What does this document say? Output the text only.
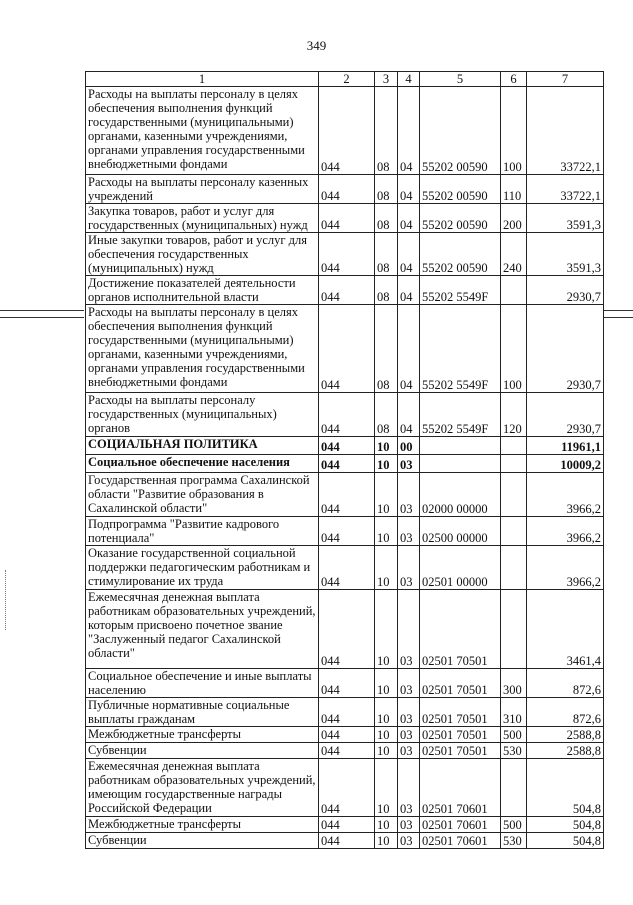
349
1	2	3	4	5	6	7
Расходы на выплаты персоналу в целях обеспечения выполнения функций государственными (муниципальными) органами, казенными учреждениями, органами управления государственными внебюджетными фондами	044	08	04	55202 00590	100	33722,1
Расходы на выплаты персоналу казенных учреждений	044	08	04	55202 00590	110	33722,1
Закупка товаров, работ и услуг для государственных (муниципальных) нужд	044	08	04	55202 00590	200	3591,3
Иные закупки товаров, работ и услуг для обеспечения государственных (муниципальных) нужд	044	08	04	55202 00590	240	3591,3
Достижение показателей деятельности органов исполнительной власти	044	08	04	55202 5549F		2930,7
Расходы на выплаты персоналу в целях обеспечения выполнения функций государственными (муниципальными) органами, казенными учреждениями, органами управления государственными внебюджетными фондами	044	08	04	55202 5549F	100	2930,7
Расходы на выплаты персоналу государственных (муниципальных) органов	044	08	04	55202 5549F	120	2930,7
СОЦИАЛЬНАЯ ПОЛИТИКА	044	10	00			11961,1
Социальное обеспечение населения	044	10	03			10009,2
Государственная программа Сахалинской области "Развитие образования в Сахалинской области"	044	10	03	02000 00000		3966,2
Подпрограмма "Развитие кадрового потенциала"	044	10	03	02500 00000		3966,2
Оказание государственной социальной поддержки педагогическим работникам и стимулирование их труда	044	10	03	02501 00000		3966,2
Ежемесячная денежная выплата работникам образовательных учреждений, которым присвоено почетное звание "Заслуженный педагог Сахалинской области"	044	10	03	02501 70501		3461,4
Социальное обеспечение и иные выплаты населению	044	10	03	02501 70501	300	872,6
Публичные нормативные социальные выплаты гражданам	044	10	03	02501 70501	310	872,6
Межбюджетные трансферты	044	10	03	02501 70501	500	2588,8
Субвенции	044	10	03	02501 70501	530	2588,8
Ежемесячная денежная выплата работникам образовательных учреждений, имеющим государственные награды Российской Федерации	044	10	03	02501 70601		504,8
Межбюджетные трансферты	044	10	03	02501 70601	500	504,8
Субвенции	044	10	03	02501 70601	530	504,8
